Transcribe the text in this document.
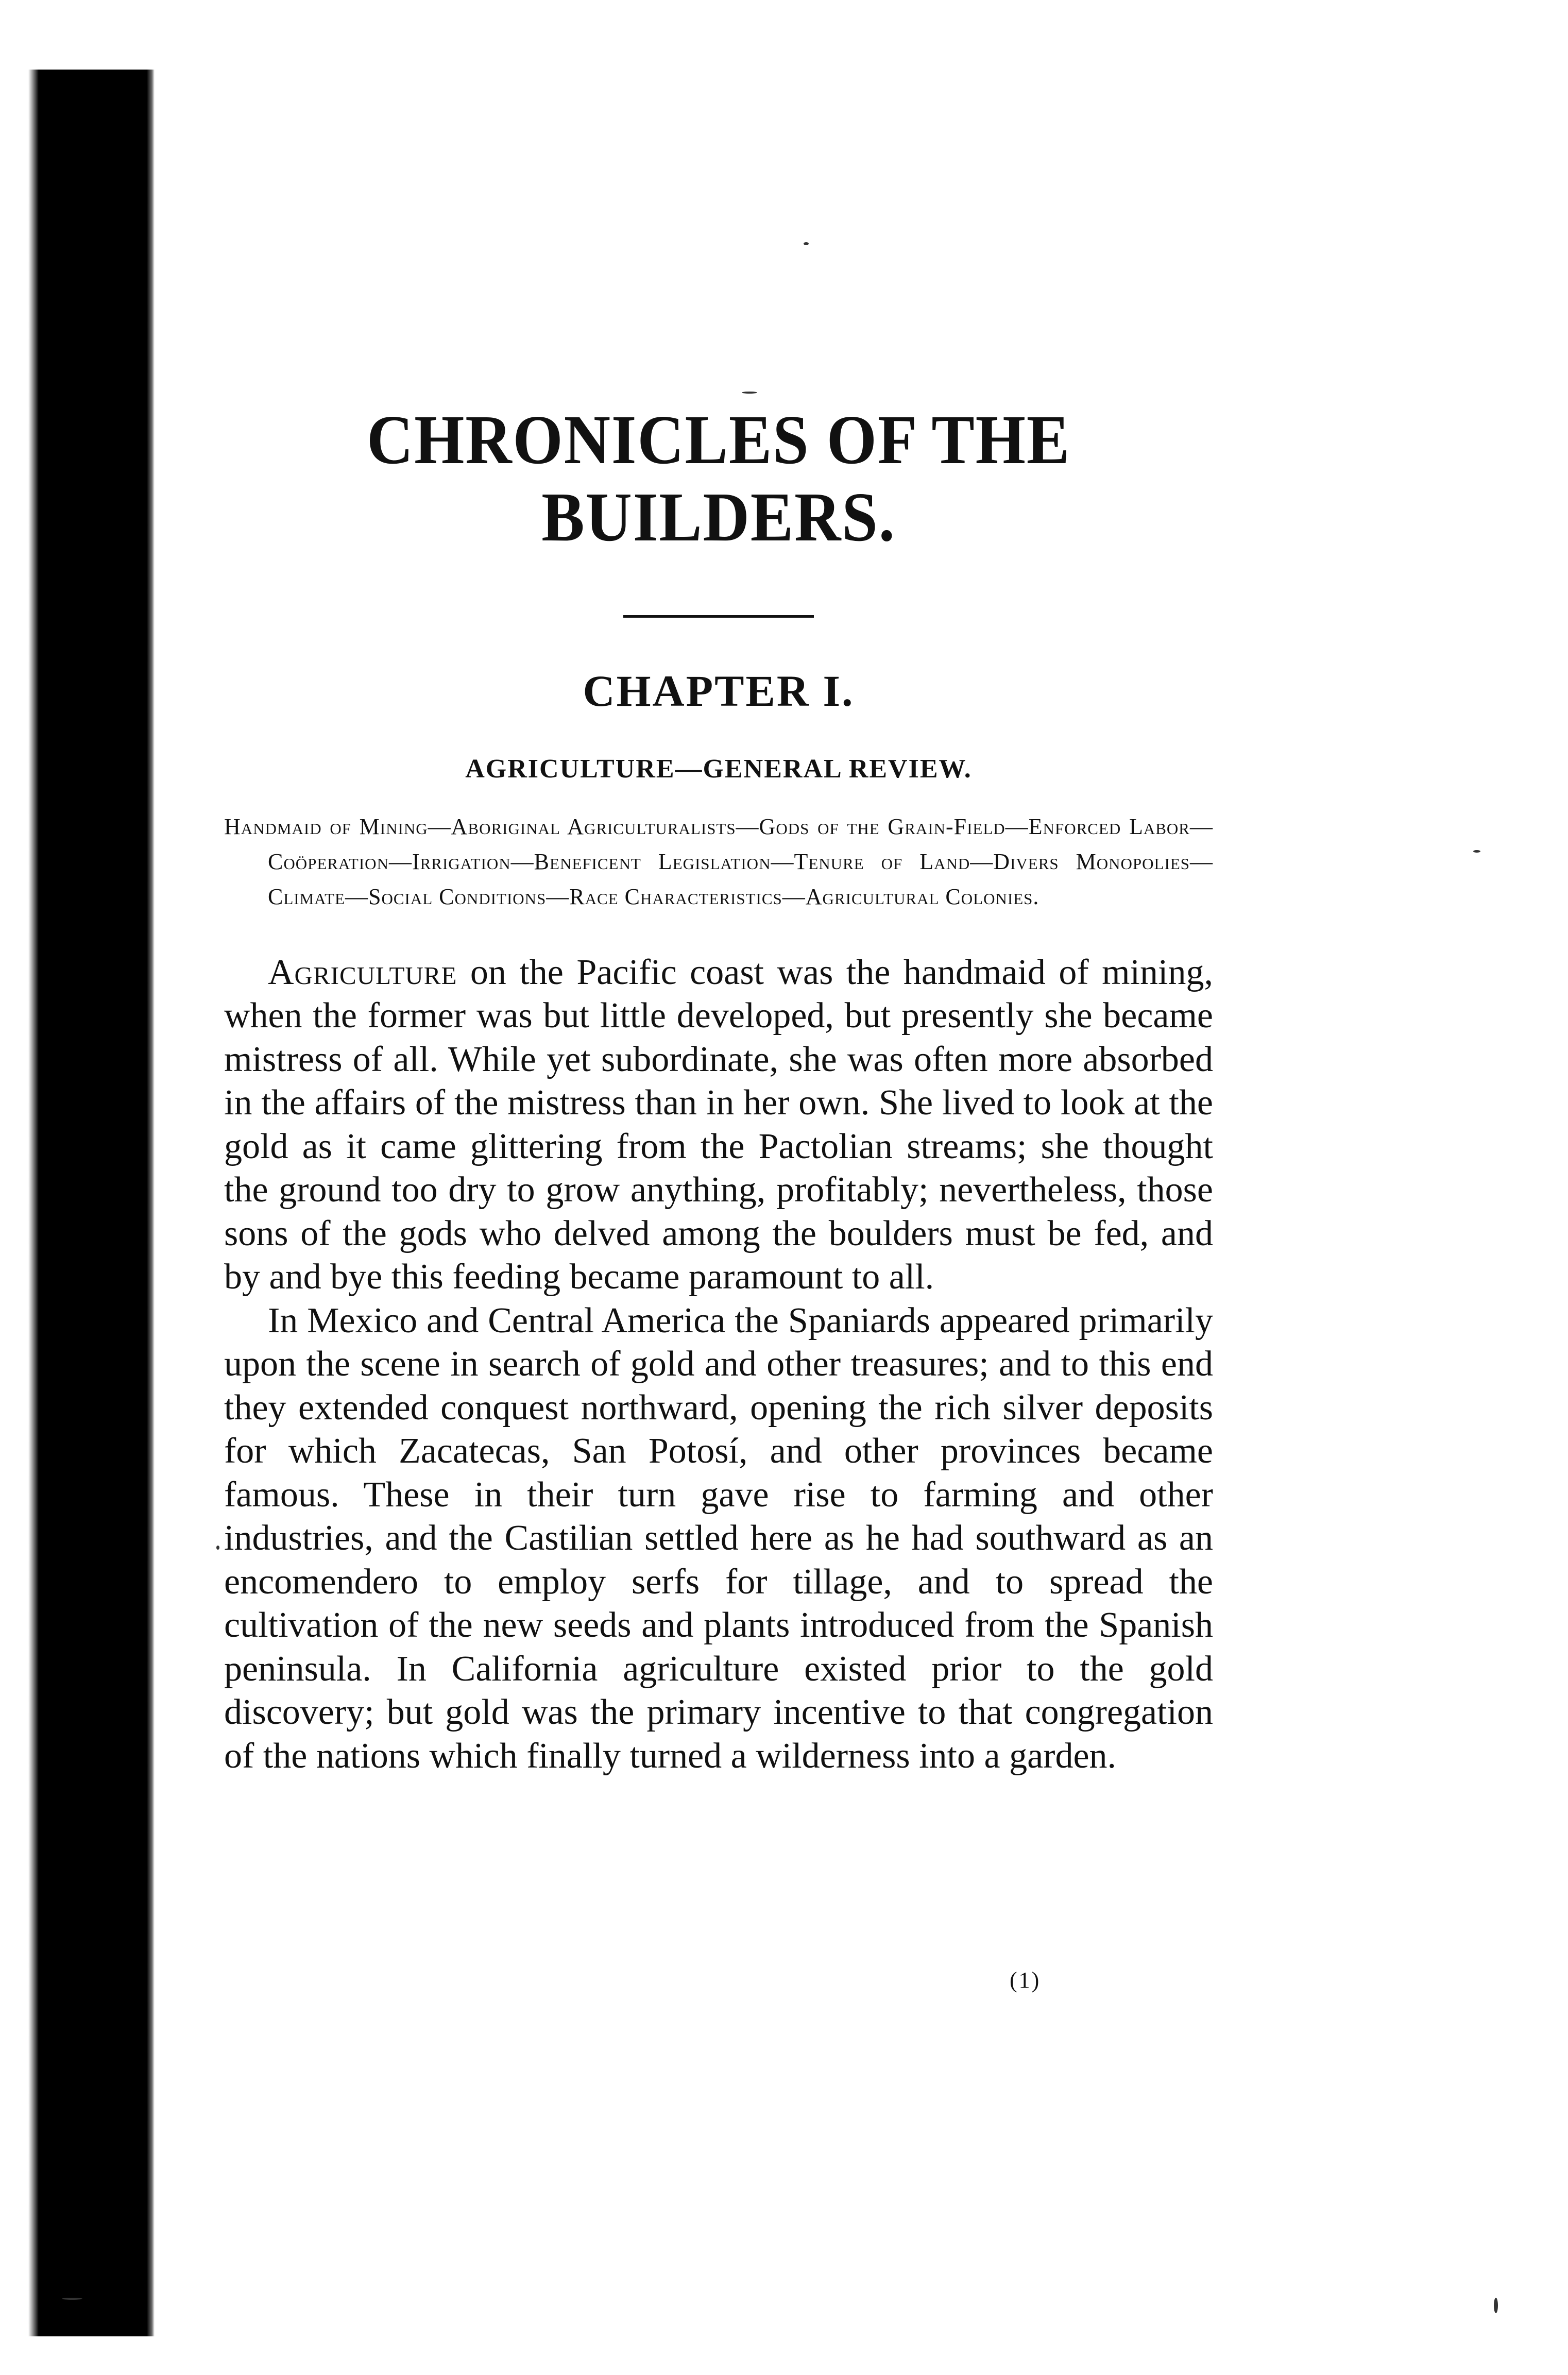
CHRONICLES OF THE BUILDERS.
CHAPTER I.
AGRICULTURE—GENERAL REVIEW.
Handmaid of Mining—Aboriginal Agriculturalists—Gods of the Grain-Field—Enforced Labor—Coöperation—Irrigation—Beneficent Legislation—Tenure of Land—Divers Monopolies—Climate—Social Conditions—Race Characteristics—Agricultural Colonies.

Agriculture on the Pacific coast was the handmaid of mining, when the former was but little developed, but presently she became mistress of all. While yet subordinate, she was often more absorbed in the affairs of the mistress than in her own. She lived to look at the gold as it came glittering from the Pactolian streams; she thought the ground too dry to grow anything, profitably; nevertheless, those sons of the gods who delved among the boulders must be fed, and by and bye this feeding became paramount to all.

In Mexico and Central America the Spaniards appeared primarily upon the scene in search of gold and other treasures; and to this end they extended conquest northward, opening the rich silver deposits for which Zacatecas, San Potosí, and other provinces became famous. These in their turn gave rise to farming and other industries, and the Castilian settled here as he had southward as an encomendero to employ serfs for tillage, and to spread the cultivation of the new seeds and plants introduced from the Spanish peninsula. In California agriculture existed prior to the gold discovery; but gold was the primary incentive to that congregation of the nations which finally turned a wilderness into a garden.

(1)
